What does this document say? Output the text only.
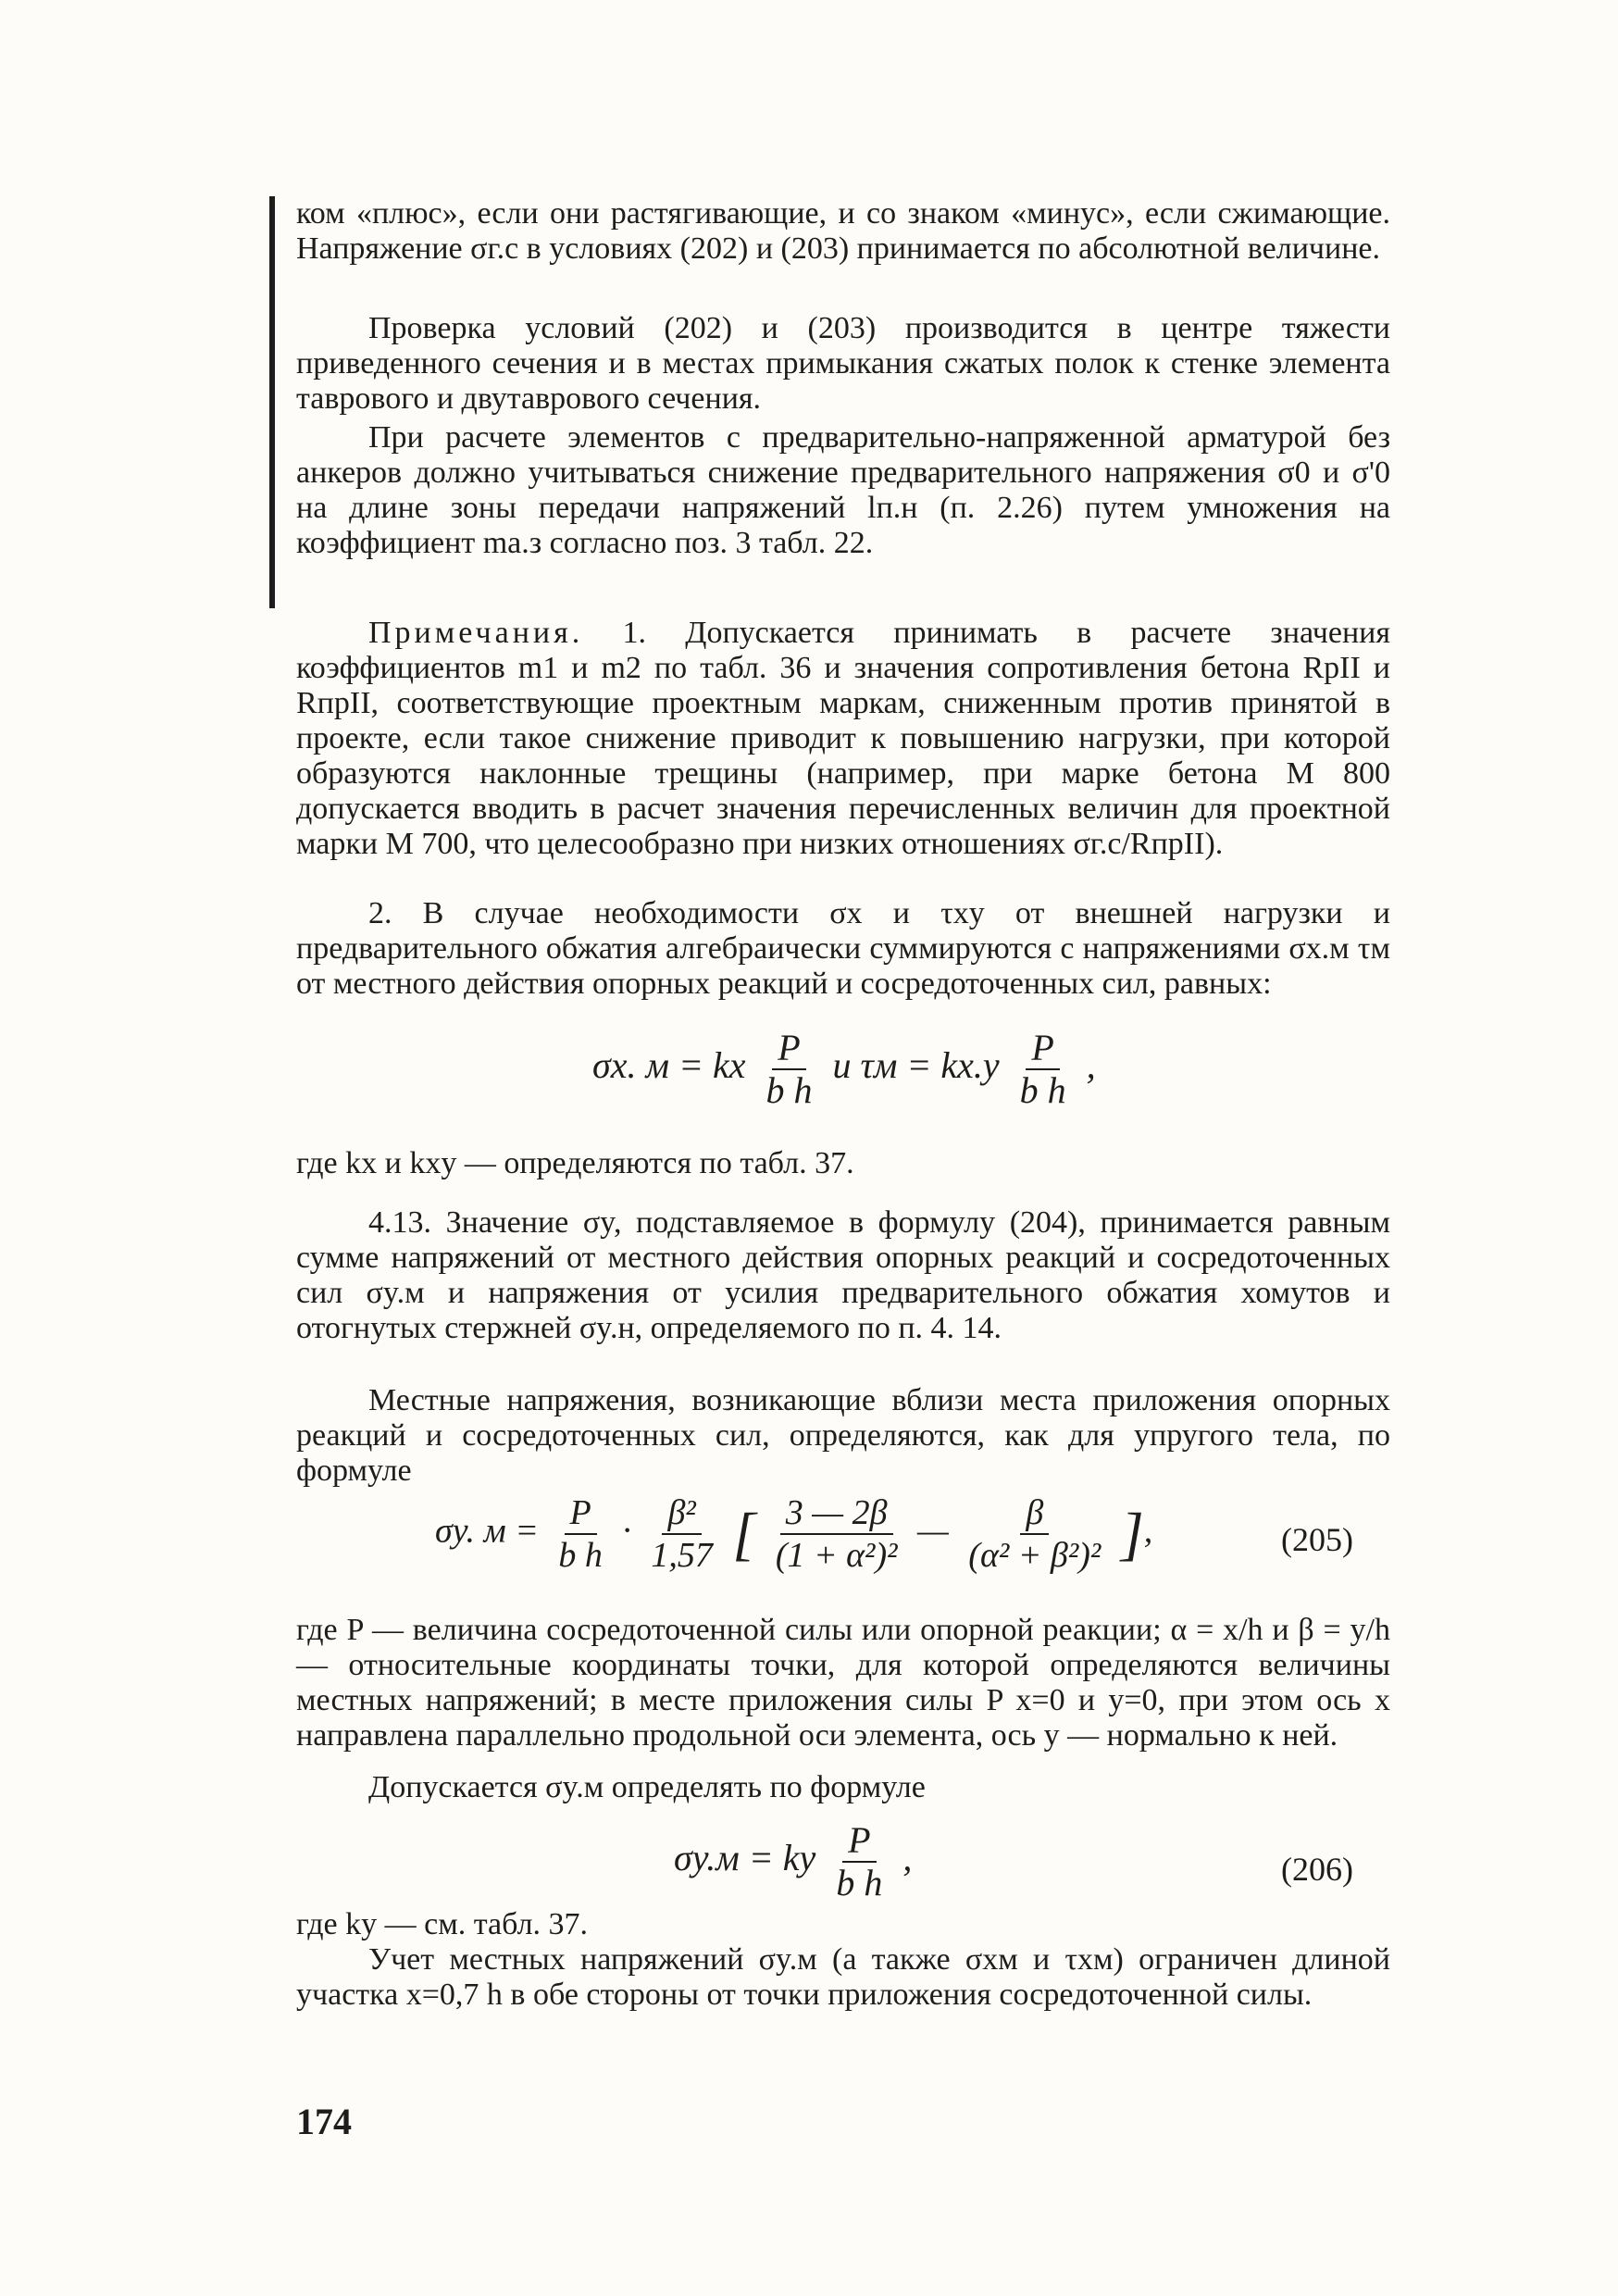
ком «плюс», если они растягивающие, и со знаком «минус», если сжимающие. Напряжение σг.с в условиях (202) и (203) принимается по абсолютной величине.

Проверка условий (202) и (203) производится в центре тяжести приведенного сечения и в местах примыкания сжатых полок к стенке элемента таврового и двутаврового сечения.

При расчете элементов с предварительно-напряженной арматурой без анкеров должно учитываться снижение предварительного напряжения σ0 и σ'0 на длине зоны передачи напряжений lп.н (п. 2.26) путем умножения на коэффициент mа.з согласно поз. 3 табл. 22.

Примечания. 1. Допускается принимать в расчете значения коэффициентов m1 и m2 по табл. 36 и значения сопротивления бетона RрII и RпрII, соответствующие проектным маркам, сниженным против принятой в проекте, если такое снижение приводит к повышению нагрузки, при которой образуются наклонные трещины (например, при марке бетона М 800 допускается вводить в расчет значения перечисленных величин для проектной марки М 700, что целесообразно при низких отношениях σг.с/RпрII).

2. В случае необходимости σx и τxy от внешней нагрузки и предварительного обжатия алгебраически суммируются с напряжениями σx.м τм от местного действия опорных реакций и сосредоточенных сил, равных:

σx. м = kx $\frac{P}{\text{b h}}$ и $\tau м = kx.y \frac{P}{\text{b h}}$ ,

где kx и kxy — определяются по табл. 37.

4.13. Значение σy, подставляемое в формулу (204), принимается равным сумме напряжений от местного действия опорных реакций и сосредоточенных сил σy.м и напряжения от усилия предварительного обжатия хомутов и отогнутых стержней σy.н, определяемого по п. 4. 14.

Местные напряжения, возникающие вблизи места приложения опорных реакций и сосредоточенных сил, определяются, как для упругого тела, по формуле

σy. $м = \frac{P}{\text{b h}} \cdot \frac{\text{β²}}{1,57}$ [ $\frac{3 — 2\beta}{\text{(1 + α²)²}}$ — $\frac{\beta}{\text{(α² + β²)²}}$ ],	(205)

где P — величина сосредоточенной силы или опорной реакции; α = x/h и β = y/h — относительные координаты точки, для которой определяются величины местных напряжений; в месте приложения силы P x=0 и y=0, при этом ось x направлена параллельно продольной оси элемента, ось y — нормально к ней.

Допускается σy.м определять по формуле

σy.м = ky $\frac{P}{\text{b h}}$ ,	(206)

где ky — см. табл. 37.

Учет местных напряжений σy.м (а также σxм и τxм) ограничен длиной участка x=0,7 h в обе стороны от точки приложения сосредоточенной силы.

174
